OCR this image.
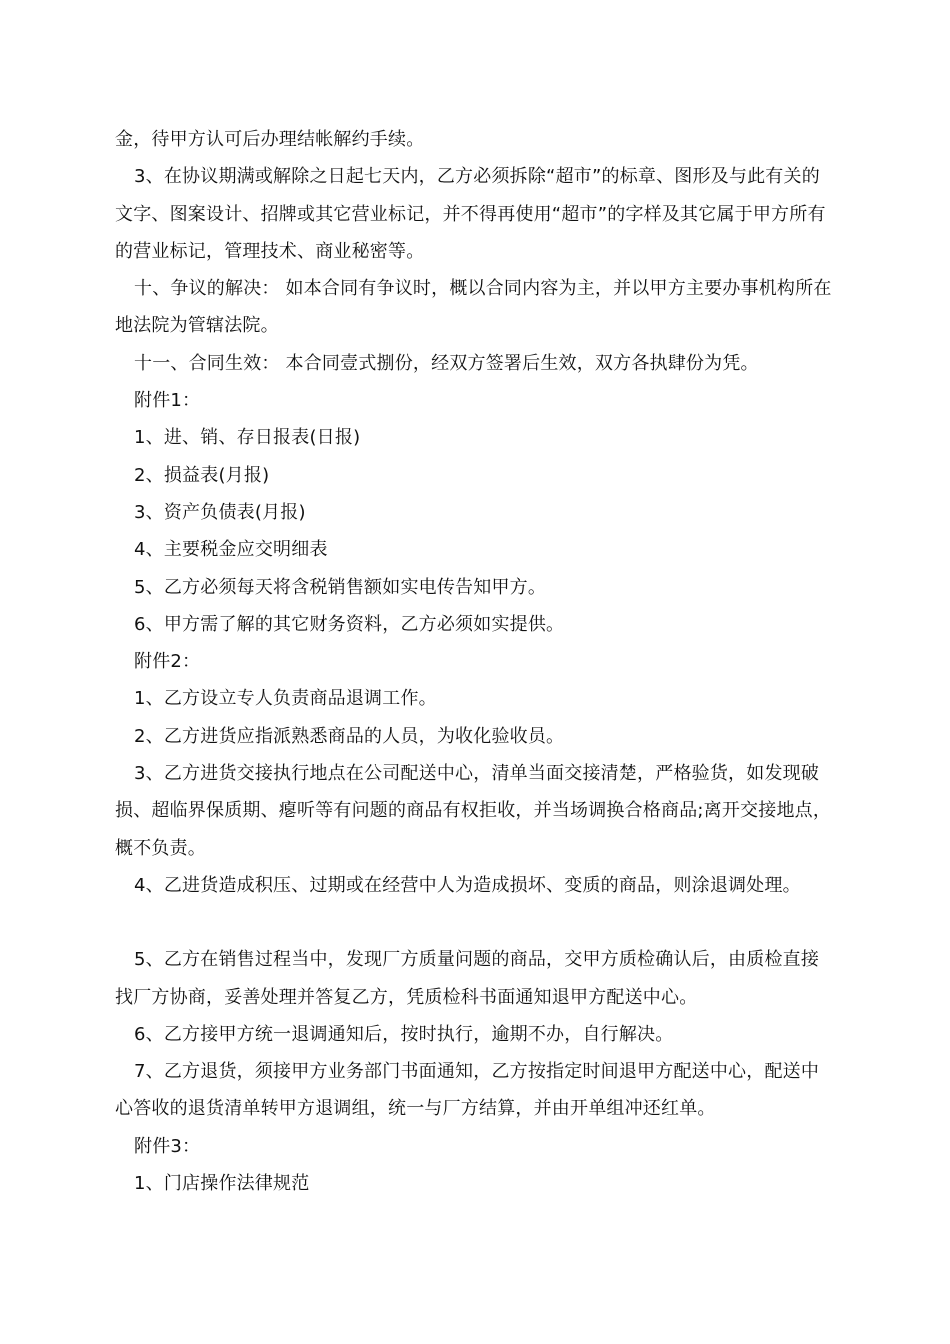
金，待甲方认可后办理结帐解约手续。

3、在协议期满或解除之日起七天内，乙方必须拆除“超市”的标章、图形及与此有关的文字、图案设计、招牌或其它营业标记，并不得再使用“超市”的字样及其它属于甲方所有的营业标记，管理技术、商业秘密等。

十、争议的解决： 如本合同有争议时，概以合同内容为主，并以甲方主要办事机构所在地法院为管辖法院。

十一、合同生效： 本合同壹式捌份，经双方签署后生效，双方各执肆份为凭。

附件1：

1、进、销、存日报表(日报)

2、损益表(月报)

3、资产负债表(月报)

4、主要税金应交明细表

5、乙方必须每天将含税销售额如实电传告知甲方。

6、甲方需了解的其它财务资料，乙方必须如实提供。

附件2：

1、乙方设立专人负责商品退调工作。

2、乙方进货应指派熟悉商品的人员，为收化验收员。

3、乙方进货交接执行地点在公司配送中心，清单当面交接清楚，严格验货，如发现破损、超临界保质期、瘪听等有问题的商品有权拒收，并当场调换合格商品;离开交接地点，概不负责。

4、乙进货造成积压、过期或在经营中人为造成损坏、变质的商品，则涂退调处理。

5、乙方在销售过程当中，发现厂方质量问题的商品，交甲方质检确认后，由质检直接找厂方协商，妥善处理并答复乙方，凭质检科书面通知退甲方配送中心。

6、乙方接甲方统一退调通知后，按时执行，逾期不办，自行解决。

7、乙方退货，须接甲方业务部门书面通知，乙方按指定时间退甲方配送中心，配送中心答收的退货清单转甲方退调组，统一与厂方结算，并由开单组冲还红单。

附件3：

1、门店操作法律规范
